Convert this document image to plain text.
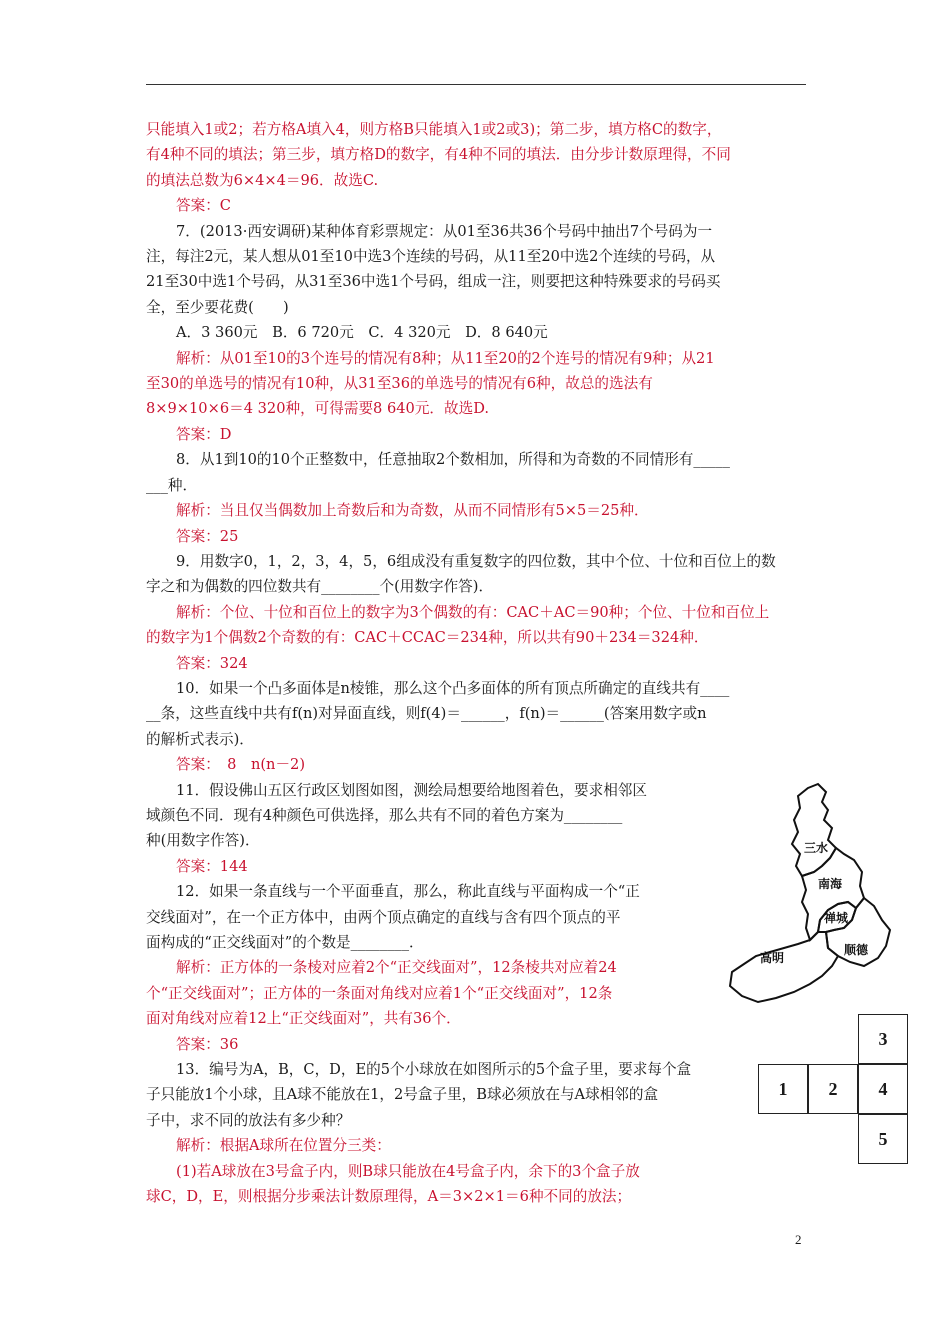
只能填入1或2；若方格A填入4，则方格B只能填入1或2或3)；第二步，填方格C的数字，

有4种不同的填法；第三步，填方格D的数字，有4种不同的填法．由分步计数原理得，不同

的填法总数为6×4×4＝96．故选C.

答案：C

7．(2013·西安调研)某种体育彩票规定：从01至36共36个号码中抽出7个号码为一

注，每注2元，某人想从01至10中选3个连续的号码，从11至20中选2个连续的号码，从

21至30中选1个号码，从31至36中选1个号码，组成一注，则要把这种特殊要求的号码买

全，至少要花费(　　)

A．3 360元　B．6 720元　C．4 320元　D．8 640元

解析：从01至10的3个连号的情况有8种；从11至20的2个连号的情况有9种；从21

至30的单选号的情况有10种，从31至36的单选号的情况有6种，故总的选法有

8×9×10×6＝4 320种，可得需要8 640元．故选D.

答案：D

8．从1到10的10个正整数中，任意抽取2个数相加，所得和为奇数的不同情形有_____

___种．

解析：当且仅当偶数加上奇数后和为奇数，从而不同情形有5×5＝25种．

答案：25

9．用数字0，1，2，3，4，5，6组成没有重复数字的四位数，其中个位、十位和百位上的数

字之和为偶数的四位数共有________个(用数字作答)．

解析：个位、十位和百位上的数字为3个偶数的有：CAC＋AC＝90种；个位、十位和百位上

的数字为1个偶数2个奇数的有：CAC＋CCAC＝234种，所以共有90＋234＝324种．

答案：324

10．如果一个凸多面体是n棱锥，那么这个凸多面体的所有顶点所确定的直线共有____

__条，这些直线中共有f(n)对异面直线，则f(4)＝______，f(n)＝______(答案用数字或n

的解析式表示)．

答案：　8　n(n－2)

11．假设佛山五区行政区划图如图，测绘局想要给地图着色，要求相邻区

域颜色不同．现有4种颜色可供选择，那么共有不同的着色方案为________

种(用数字作答)．

答案：144

12．如果一条直线与一个平面垂直，那么，称此直线与平面构成一个“正

交线面对”，在一个正方体中，由两个顶点确定的直线与含有四个顶点的平

面构成的“正交线面对”的个数是________．

解析：正方体的一条棱对应着2个“正交线面对”，12条棱共对应着24

个“正交线面对”；正方体的一条面对角线对应着1个“正交线面对”，12条

面对角线对应着12上“正交线面对”，共有36个．

答案：36

13．编号为A，B，C，D，E的5个小球放在如图所示的5个盒子里，要求每个盒

子只能放1个小球，且A球不能放在1，2号盒子里，B球必须放在与A球相邻的盒

子中，求不同的放法有多少种？

解析：根据A球所在位置分三类：

(1)若A球放在3号盒子内，则B球只能放在4号盒子内，余下的3个盒子放

球C，D，E，则根据分步乘法计数原理得，A＝3×2×1＝6种不同的放法；

三水
南海
禅城
顺德
高明
1	2
3
4
5
2
